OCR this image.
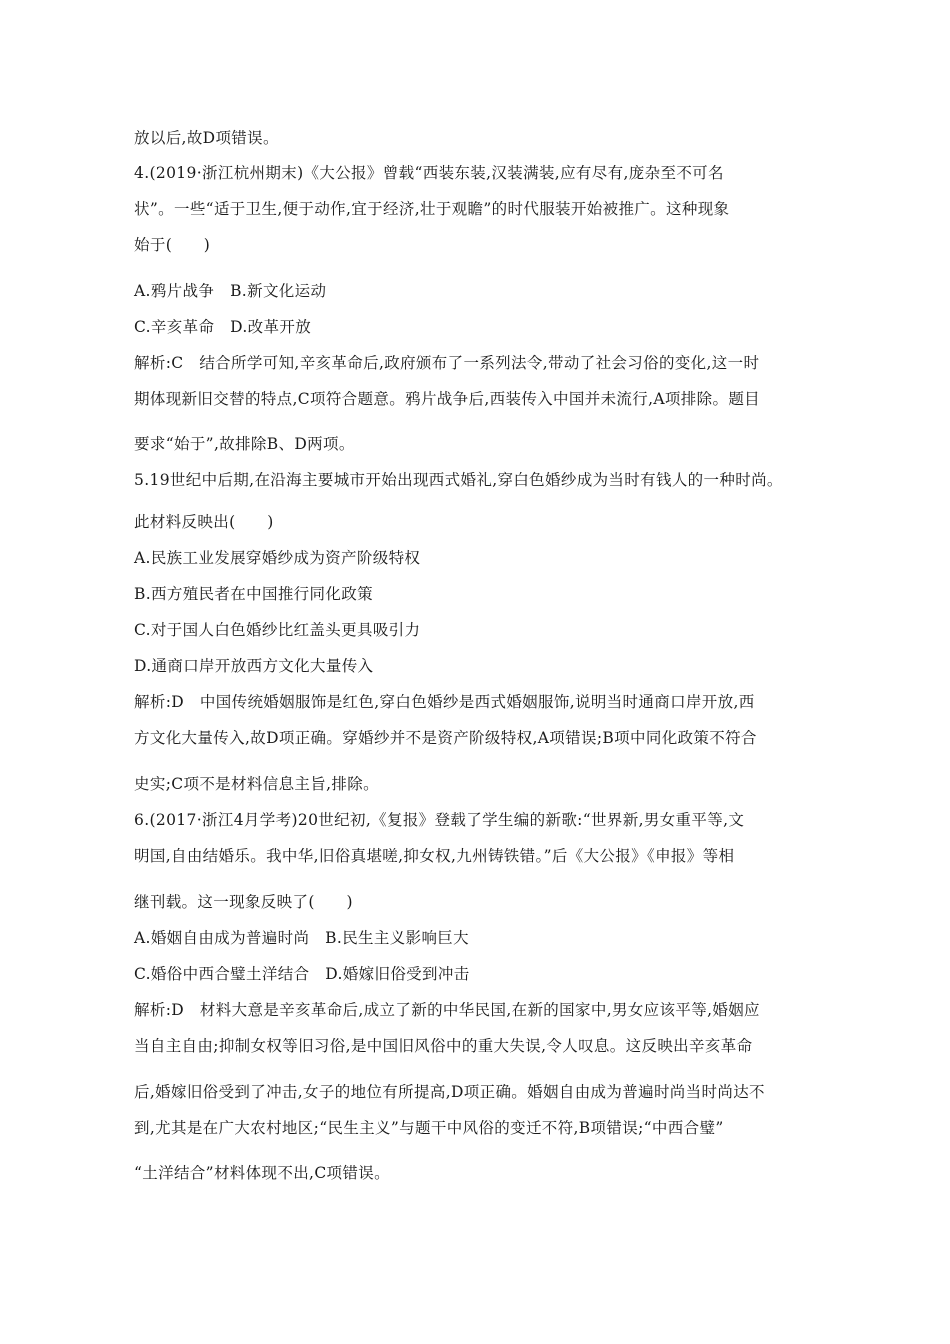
放以后,故D项错误。
4.(2019·浙江杭州期末)《大公报》曾载“西装东装,汉装满装,应有尽有,庞杂至不可名
状”。一些“适于卫生,便于动作,宜于经济,壮于观瞻”的时代服装开始被推广。这种现象
始于(　　)
A.鸦片战争　B.新文化运动
C.辛亥革命　D.改革开放
解析:C　结合所学可知,辛亥革命后,政府颁布了一系列法令,带动了社会习俗的变化,这一时
期体现新旧交替的特点,C项符合题意。鸦片战争后,西装传入中国并未流行,A项排除。题目
要求“始于”,故排除B、D两项。
5.19世纪中后期,在沿海主要城市开始出现西式婚礼,穿白色婚纱成为当时有钱人的一种时尚。
此材料反映出(　　)
A.民族工业发展穿婚纱成为资产阶级特权
B.西方殖民者在中国推行同化政策
C.对于国人白色婚纱比红盖头更具吸引力
D.通商口岸开放西方文化大量传入
解析:D　中国传统婚姻服饰是红色,穿白色婚纱是西式婚姻服饰,说明当时通商口岸开放,西
方文化大量传入,故D项正确。穿婚纱并不是资产阶级特权,A项错误;B项中同化政策不符合
史实;C项不是材料信息主旨,排除。
6.(2017·浙江4月学考)20世纪初,《复报》登载了学生编的新歌:“世界新,男女重平等,文
明国,自由结婚乐。我中华,旧俗真堪嗟,抑女权,九州铸铁错。”后《大公报》《申报》等相
继刊载。这一现象反映了(　　)
A.婚姻自由成为普遍时尚　B.民生主义影响巨大
C.婚俗中西合璧土洋结合　D.婚嫁旧俗受到冲击
解析:D　材料大意是辛亥革命后,成立了新的中华民国,在新的国家中,男女应该平等,婚姻应
当自主自由;抑制女权等旧习俗,是中国旧风俗中的重大失误,令人叹息。这反映出辛亥革命
后,婚嫁旧俗受到了冲击,女子的地位有所提高,D项正确。婚姻自由成为普遍时尚当时尚达不
到,尤其是在广大农村地区;“民生主义”与题干中风俗的变迁不符,B项错误;“中西合璧”
“土洋结合”材料体现不出,C项错误。
